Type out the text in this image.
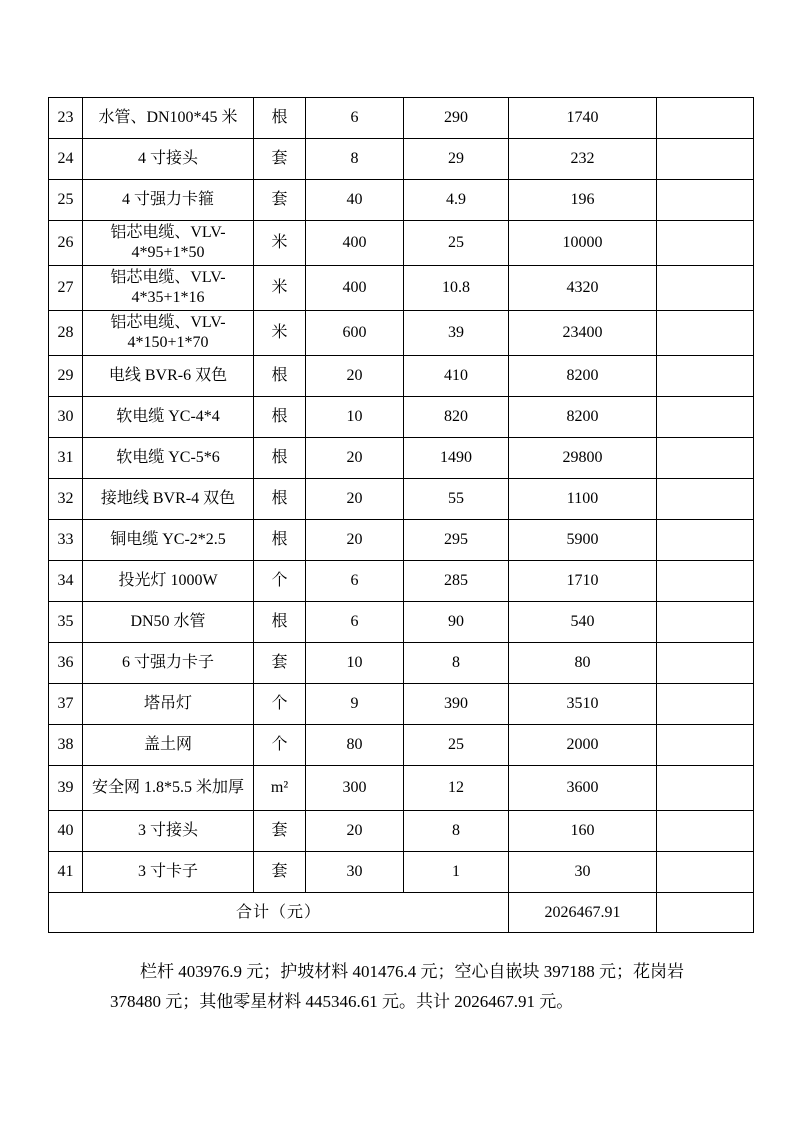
23	水管、DN100*45 米	根	6	290	1740	
24	4 寸接头	套	8	29	232	
25	4 寸强力卡箍	套	40	4.9	196	
26	铝芯电缆、VLV-4*95+1*50	米	400	25	10000	
27	铝芯电缆、VLV-4*35+1*16	米	400	10.8	4320	
28	铝芯电缆、VLV-4*150+1*70	米	600	39	23400	
29	电线 BVR-6 双色	根	20	410	8200	
30	软电缆 YC-4*4	根	10	820	8200	
31	软电缆 YC-5*6	根	20	1490	29800	
32	接地线 BVR-4 双色	根	20	55	1100	
33	铜电缆 YC-2*2.5	根	20	295	5900	
34	投光灯 1000W	个	6	285	1710	
35	DN50 水管	根	6	90	540	
36	6 寸强力卡子	套	10	8	80	
37	塔吊灯	个	9	390	3510	
38	盖土网	个	80	25	2000	
39	安全网 1.8*5.5 米加厚	m²	300	12	3600	
40	3 寸接头	套	20	8	160	
41	3 寸卡子	套	30	1	30	
合计（元）					2026467.91	
栏杆 403976.9 元；护坡材料 401476.4 元；空心自嵌块 397188 元；花岗岩
378480 元；其他零星材料 445346.61 元。共计 2026467.91 元。
